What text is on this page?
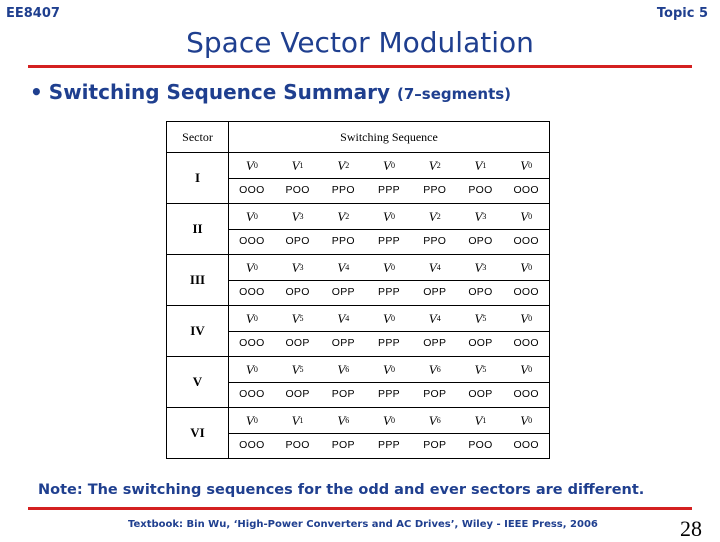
EE8407	Topic 5
Space Vector Modulation
• Switching Sequence Summary (7–segments)
Sector	Switching Sequence
I
V 0	V 1	V 2	V 0	V 2	V 1	V 0
OOO	POO	PPO	PPP	PPO	POO	OOO
II
V 0	V 3	V 2	V 0	V 2	V 3	V 0
OOO	OPO	PPO	PPP	PPO	OPO	OOO
III
V 0	V 3	V 4	V 0	V 4	V 3	V 0
OOO	OPO	OPP	PPP	OPP	OPO	OOO
IV
V 0	V 5	V 4	V 0	V 4	V 5	V 0
OOO	OOP	OPP	PPP	OPP	OOP	OOO
V
V 0	V 5	V 6	V 0	V 6	V 5	V 0
OOO	OOP	POP	PPP	POP	OOP	OOO
VI
V 0	V 1	V 6	V 0	V 6	V 1	V 0
OOO	POO	POP	PPP	POP	POO	OOO
Note: The switching sequences for the odd and ever sectors are different.
Textbook: Bin Wu, ‘High-Power Converters and AC Drives’, Wiley - IEEE Press, 2006	28
